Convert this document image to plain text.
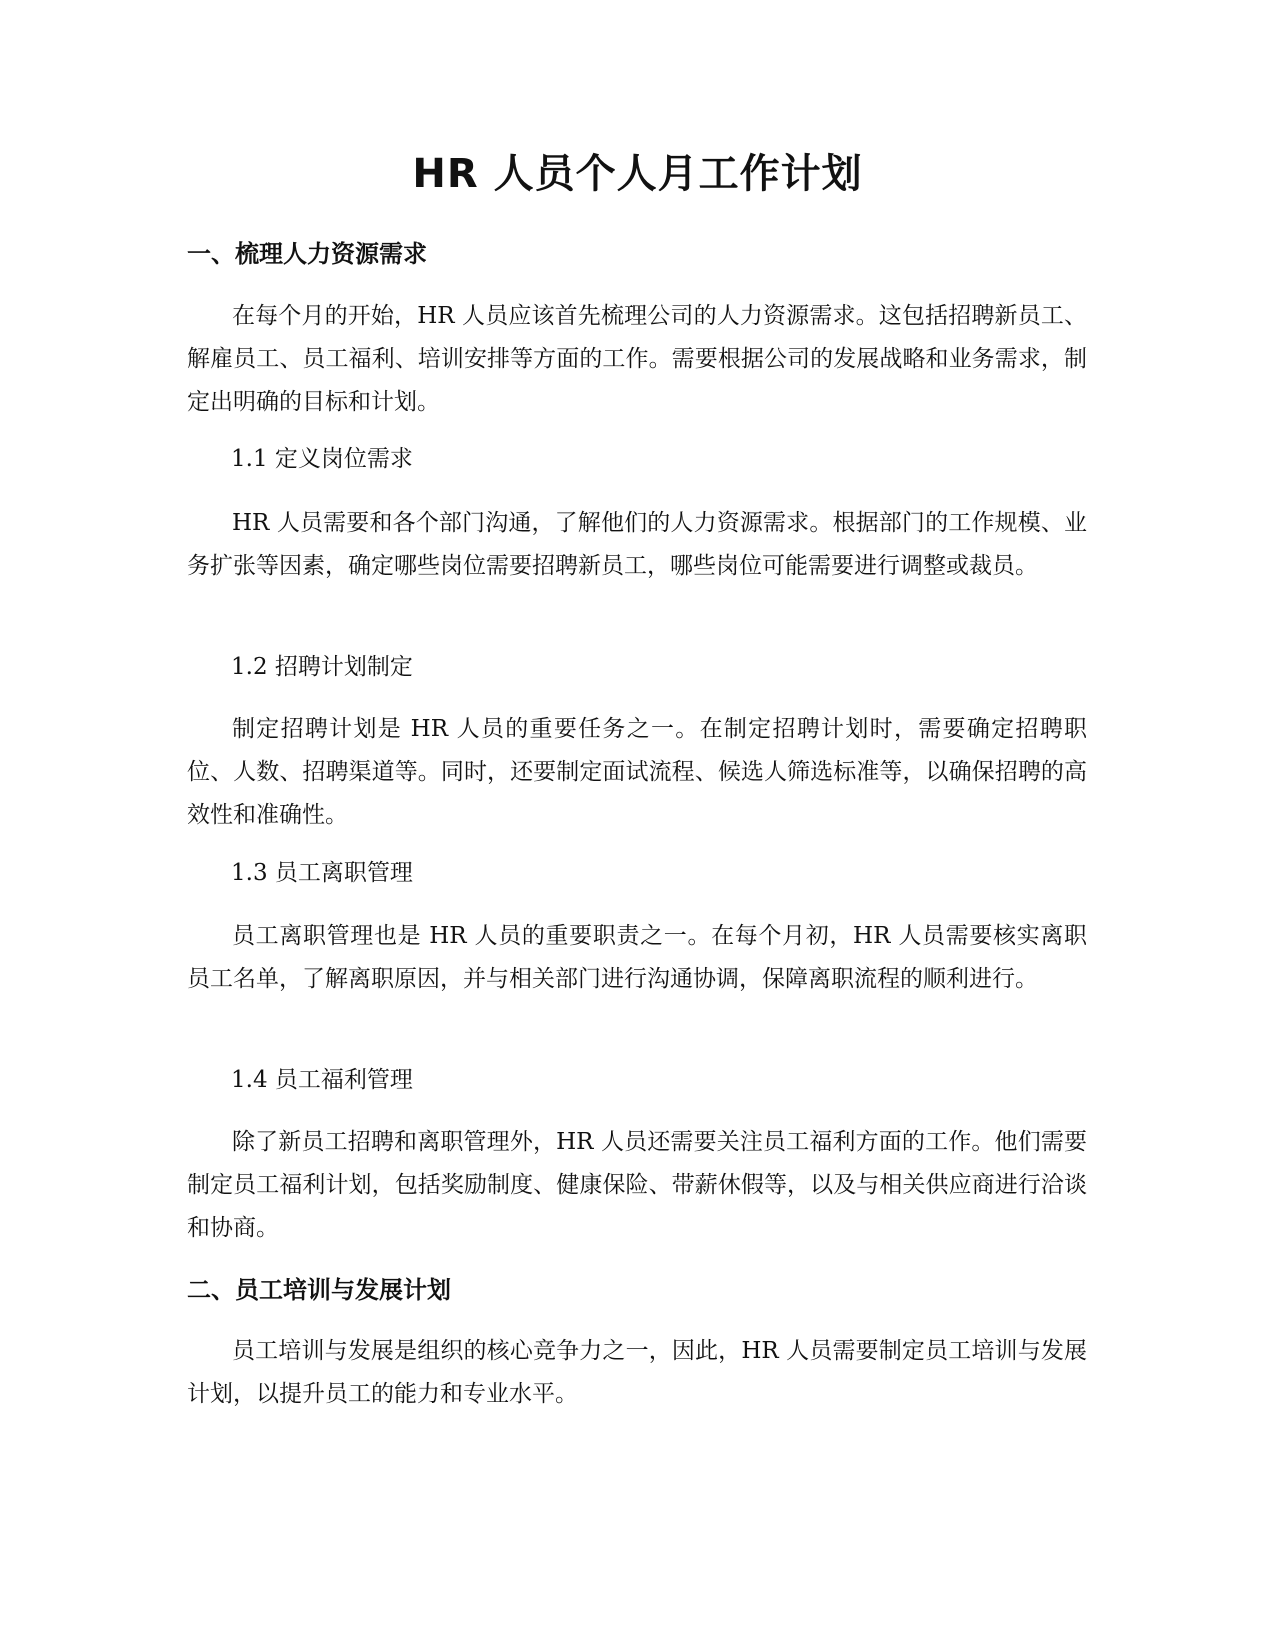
HR 人员个人月工作计划
一、梳理人力资源需求

在每个月的开始，HR 人员应该首先梳理公司的人力资源需求。这包括招聘新员工、解雇员工、员工福利、培训安排等方面的工作。需要根据公司的发展战略和业务需求，制定出明确的目标和计划。

1.1 定义岗位需求

HR 人员需要和各个部门沟通，了解他们的人力资源需求。根据部门的工作规模、业务扩张等因素，确定哪些岗位需要招聘新员工，哪些岗位可能需要进行调整或裁员。

1.2 招聘计划制定

制定招聘计划是 HR 人员的重要任务之一。在制定招聘计划时，需要确定招聘职位、人数、招聘渠道等。同时，还要制定面试流程、候选人筛选标准等，以确保招聘的高效性和准确性。

1.3 员工离职管理

员工离职管理也是 HR 人员的重要职责之一。在每个月初，HR 人员需要核实离职员工名单，了解离职原因，并与相关部门进行沟通协调，保障离职流程的顺利进行。

1.4 员工福利管理

除了新员工招聘和离职管理外，HR 人员还需要关注员工福利方面的工作。他们需要制定员工福利计划，包括奖励制度、健康保险、带薪休假等，以及与相关供应商进行洽谈和协商。

二、员工培训与发展计划

员工培训与发展是组织的核心竞争力之一，因此，HR 人员需要制定员工培训与发展计划，以提升员工的能力和专业水平。
